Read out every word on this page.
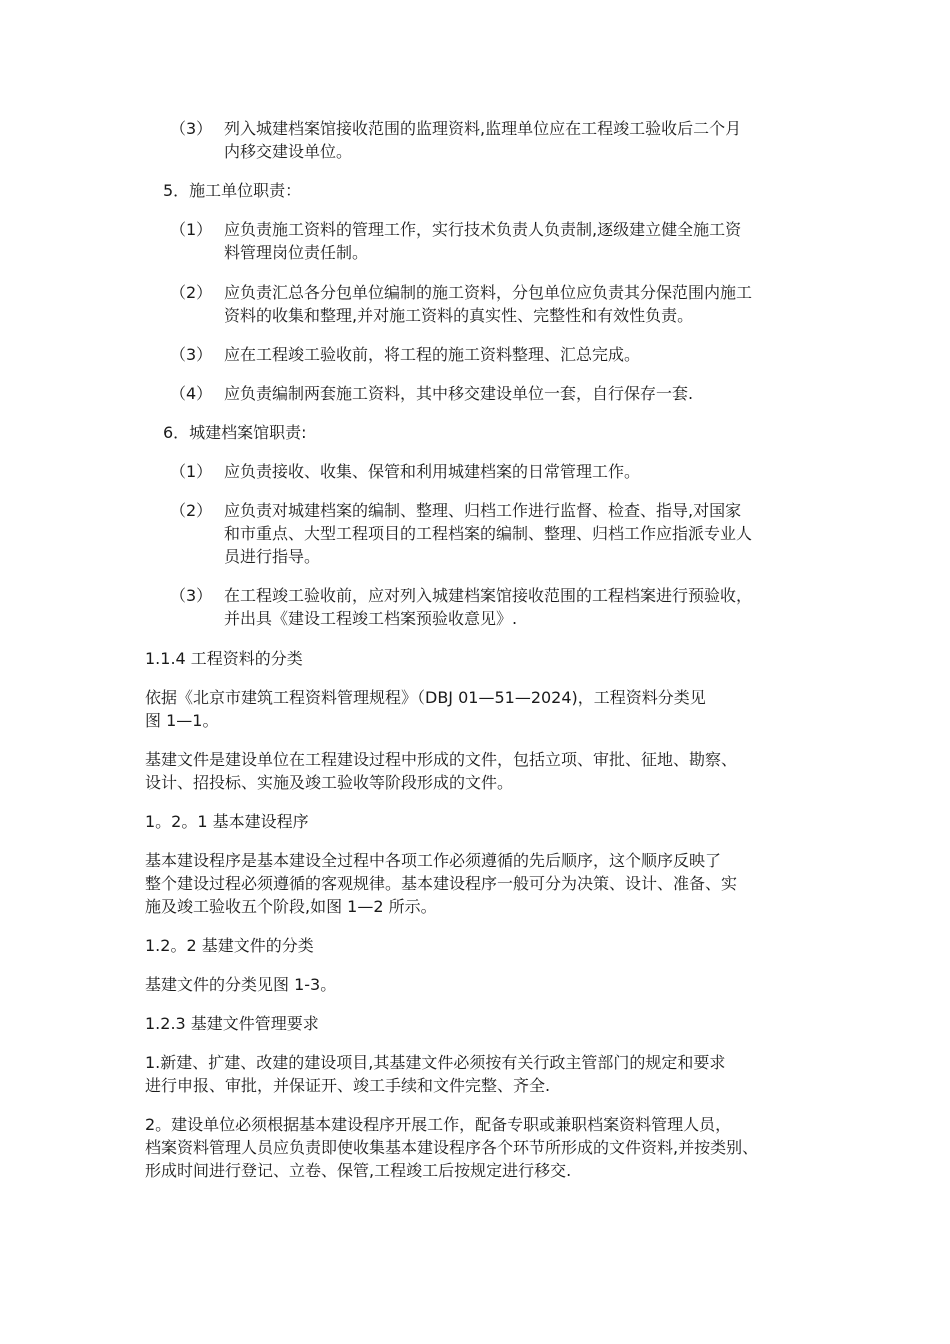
（3） 列入城建档案馆接收范围的监理资料,监理单位应在工程竣工验收后二个月
内移交建设单位。
5．施工单位职责：
（1） 应负责施工资料的管理工作，实行技术负责人负责制,逐级建立健全施工资
料管理岗位责任制。
（2） 应负责汇总各分包单位编制的施工资料，分包单位应负责其分保范围内施工
资料的收集和整理,并对施工资料的真实性、完整性和有效性负责。
（3） 应在工程竣工验收前，将工程的施工资料整理、汇总完成。
（4） 应负责编制两套施工资料，其中移交建设单位一套，自行保存一套.
6．城建档案馆职责:
（1） 应负责接收、收集、保管和利用城建档案的日常管理工作。
（2） 应负责对城建档案的编制、整理、归档工作进行监督、检查、指导,对国家
和市重点、大型工程项目的工程档案的编制、整理、归档工作应指派专业人
员进行指导。
（3） 在工程竣工验收前，应对列入城建档案馆接收范围的工程档案进行预验收，
并出具《建设工程竣工档案预验收意见》.
1.1.4 工程资料的分类
依据《北京市建筑工程资料管理规程》（DBJ 01—51—2024)，工程资料分类见
图 1—1。
基建文件是建设单位在工程建设过程中形成的文件，包括立项、审批、征地、勘察、
设计、招投标、实施及竣工验收等阶段形成的文件。
1。2。1 基本建设程序
基本建设程序是基本建设全过程中各项工作必须遵循的先后顺序，这个顺序反映了
整个建设过程必须遵循的客观规律。基本建设程序一般可分为决策、设计、准备、实
施及竣工验收五个阶段,如图 1—2 所示。
1.2。2 基建文件的分类
基建文件的分类见图 1-3。
1.2.3 基建文件管理要求
1.新建、扩建、改建的建设项目,其基建文件必须按有关行政主管部门的规定和要求
进行申报、审批，并保证开、竣工手续和文件完整、齐全.
2。建设单位必须根据基本建设程序开展工作，配备专职或兼职档案资料管理人员，
档案资料管理人员应负责即使收集基本建设程序各个环节所形成的文件资料,并按类别、
形成时间进行登记、立卷、保管,工程竣工后按规定进行移交.
